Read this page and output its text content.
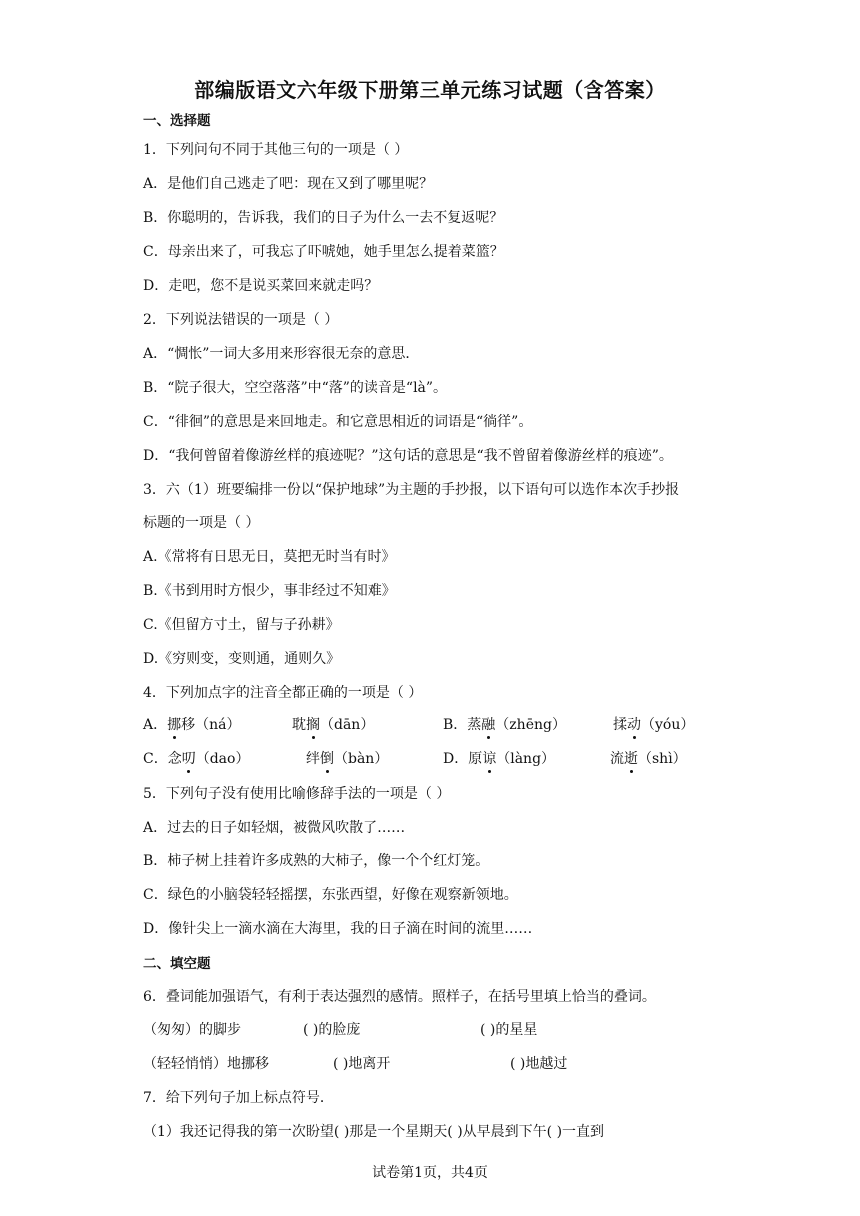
部编版语文六年级下册第三单元练习试题（含答案）
一、选择题
1．下列问句不同于其他三句的一项是（ ）
A．是他们自己逃走了吧：现在又到了哪里呢？
B．你聪明的，告诉我，我们的日子为什么一去不复返呢？
C．母亲出来了，可我忘了吓唬她，她手里怎么提着菜篮？
D．走吧，您不是说买菜回来就走吗？
2．下列说法错误的一项是（ ）
A．“惆怅”一词大多用来形容很无奈的意思．
B．“院子很大，空空落落”中“落”的读音是“là”。
C．“徘徊”的意思是来回地走。和它意思相近的词语是“徜徉”。
D．“我何曾留着像游丝样的痕迹呢？”这句话的意思是“我不曾留着像游丝样的痕迹”。
3．六（1）班要编排一份以“保护地球”为主题的手抄报，以下语句可以选作本次手抄报
标题的一项是（ ）
A.《常将有日思无日，莫把无时当有时》
B.《书到用时方恨少，事非经过不知难》
C.《但留方寸土，留与子孙耕》
D.《穷则变，变则通，通则久》
4．下列加点字的注音全都正确的一项是（ ）
A．挪移（ná）	耽搁（dān）	B．蒸融（zhēng）	揉动（yóu）
C．念叨（dao）	绊倒（bàn）	D．原谅（làng）	流逝（shì）
5．下列句子没有使用比喻修辞手法的一项是（ ）
A．过去的日子如轻烟，被微风吹散了……
B．柿子树上挂着许多成熟的大柿子，像一个个红灯笼。
C．绿色的小脑袋轻轻摇摆，东张西望，好像在观察新领地。
D．像针尖上一滴水滴在大海里，我的日子滴在时间的流里……
二、填空题
6．叠词能加强语气，有利于表达强烈的感情。照样子，在括号里填上恰当的叠词。
（匆匆）的脚步	( )的脸庞	( )的星星
（轻轻悄悄）地挪移	( )地离开	( )地越过
7．给下列句子加上标点符号．
（1）我还记得我的第一次盼望( )那是一个星期天( )从早晨到下午( )一直到
试卷第1页，共4页
